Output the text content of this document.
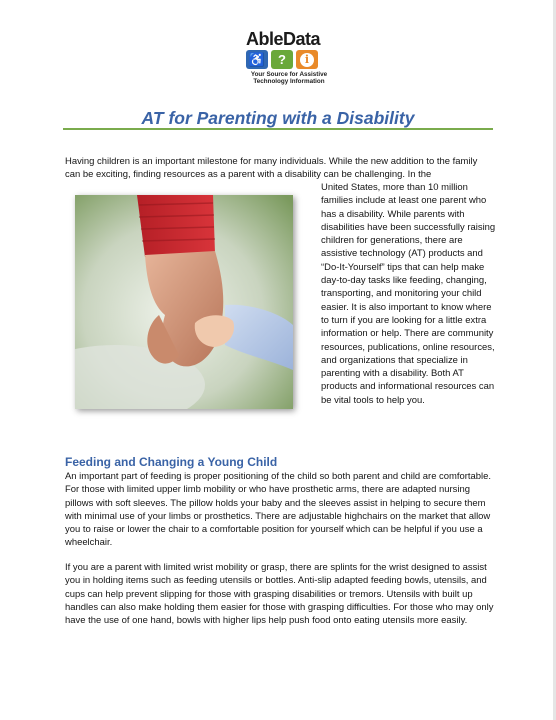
AbleData
♿ ?	i
Your Source for Assistive
Technology Information
AT for Parenting with a Disability
Having children is an important milestone for many individuals. While the new addition to the family can be exciting, finding resources as a parent with a disability can be challenging. In the
United States, more than 10 million families include at least one parent who has a disability. While parents with disabilities have been successfully raising children for generations, there are assistive technology (AT) products and “Do-It-Yourself” tips that can help make day-to-day tasks like feeding, changing, transporting, and monitoring your child easier. It is also important to know where to turn if you are looking for a little extra information or help. There are community resources, publications, online resources, and organizations that specialize in parenting with a disability. Both AT products and informational resources can be vital tools to help you.
Feeding and Changing a Young Child
An important part of feeding is proper positioning of the child so both parent and child are comfortable. For those with limited upper limb mobility or who have prosthetic arms, there are adapted nursing pillows with soft sleeves. The pillow holds your baby and the sleeves assist in helping to secure them with minimal use of your limbs or prosthetics. There are adjustable highchairs on the market that allow you to raise or lower the chair to a comfortable position for yourself which can be helpful if you use a wheelchair.
If you are a parent with limited wrist mobility or grasp, there are splints for the wrist designed to assist you in holding items such as feeding utensils or bottles. Anti-slip adapted feeding bowls, utensils, and cups can help prevent slipping for those with grasping disabilities or tremors. Utensils with built up handles can also make holding them easier for those with grasping difficulties. For those who may only have the use of one hand, bowls with higher lips help push food onto eating utensils more easily.
